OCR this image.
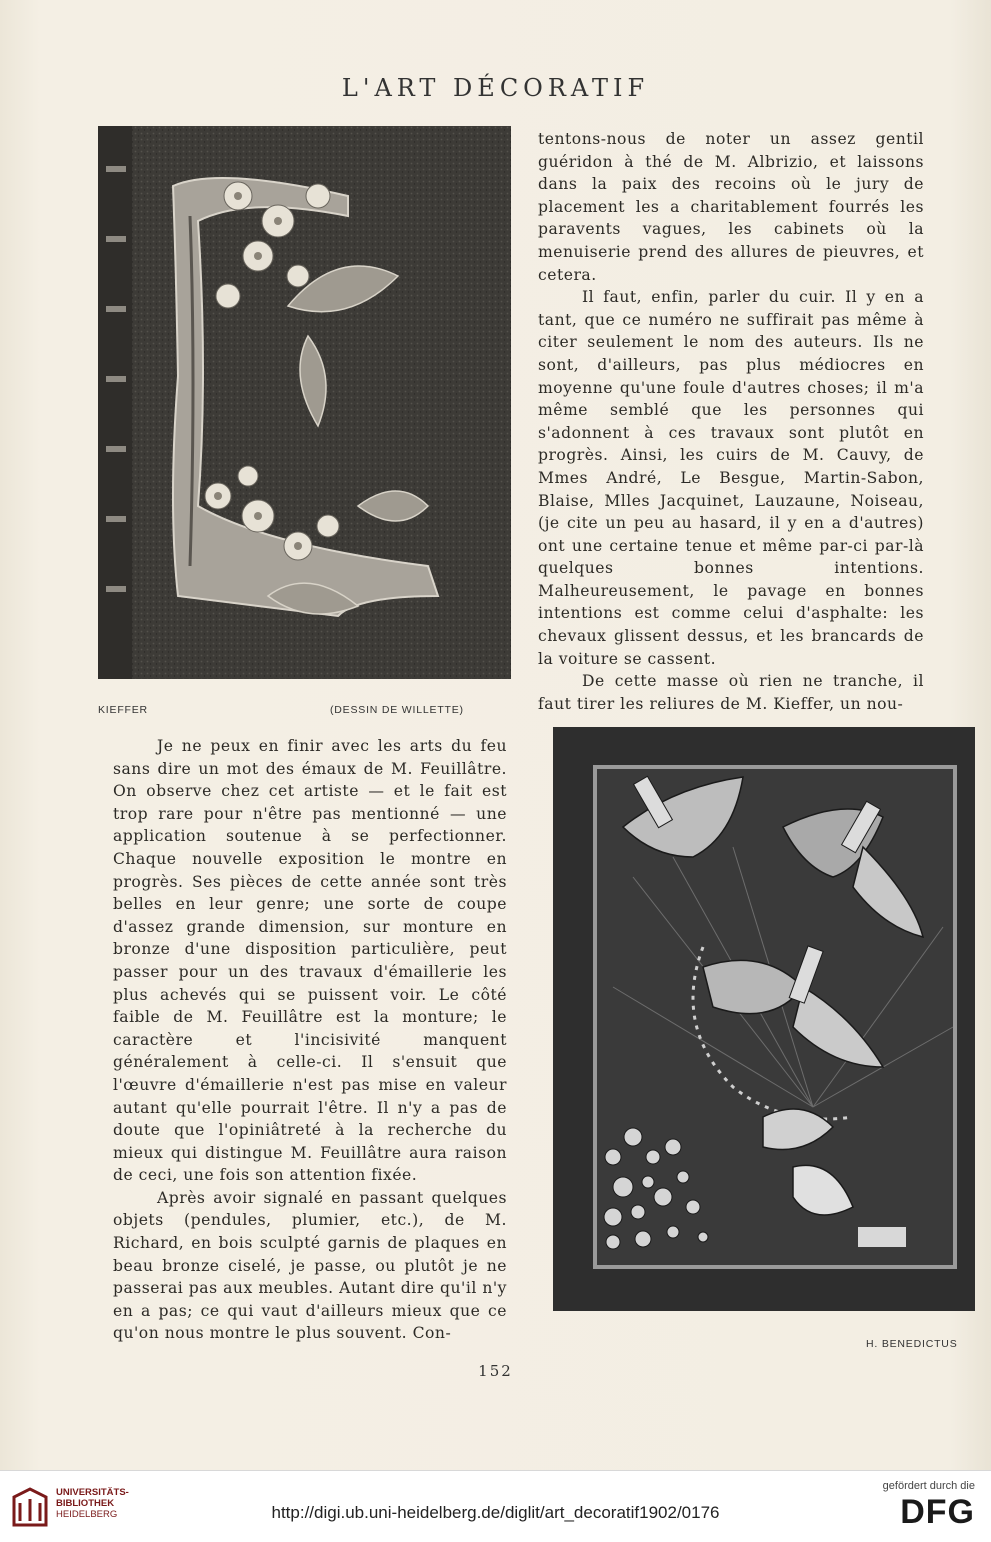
L'ART DÉCORATIF
KIEFFER	(DESSIN DE WILLETTE)

tentons-nous de noter un assez gentil guéridon à thé de M. Albrizio, et laissons dans la paix des recoins où le jury de placement les a charitablement fourrés les paravents vagues, les cabinets où la menuiserie prend des allures de pieuvres, et cetera.

Il faut, enfin, parler du cuir. Il y en a tant, que ce numéro ne suffirait pas même à citer seulement le nom des auteurs. Ils ne sont, d'ailleurs, pas plus médiocres en moyenne qu'une foule d'autres choses; il m'a même semblé que les personnes qui s'adonnent à ces travaux sont plutôt en progrès. Ainsi, les cuirs de M. Cauvy, de Mmes André, Le Besgue, Martin-Sabon, Blaise, Mlles Jacquinet, Lauzaune, Noiseau, (je cite un peu au hasard, il y en a d'autres) ont une certaine tenue et même par-ci par-là quelques bonnes intentions. Malheureusement, le pavage en bonnes intentions est comme celui d'asphalte: les chevaux glissent dessus, et les brancards de la voiture se cassent.

De cette masse où rien ne tranche, il faut tirer les reliures de M. Kieffer, un nou-

Je ne peux en finir avec les arts du feu sans dire un mot des émaux de M. Feuillâtre. On observe chez cet artiste — et le fait est trop rare pour n'être pas mentionné — une application soutenue à se perfectionner. Chaque nouvelle exposition le montre en progrès. Ses pièces de cette année sont très belles en leur genre; une sorte de coupe d'assez grande dimension, sur monture en bronze d'une disposition particulière, peut passer pour un des travaux d'émaillerie les plus achevés qui se puissent voir. Le côté faible de M. Feuillâtre est la monture; le caractère et l'incisivité manquent généralement à celle-ci. Il s'ensuit que l'œuvre d'émaillerie n'est pas mise en valeur autant qu'elle pourrait l'être. Il n'y a pas de doute que l'opiniâtreté à la recherche du mieux qui distingue M. Feuillâtre aura raison de ceci, une fois son attention fixée.

Après avoir signalé en passant quelques objets (pendules, plumier, etc.), de M. Richard, en bois sculpté garnis de plaques en beau bronze ciselé, je passe, ou plutôt je ne passerai pas aux meubles. Autant dire qu'il n'y en a pas; ce qui vaut d'ailleurs mieux que ce qu'on nous montre le plus souvent. Con-

H. BENEDICTUS
152
UNIVERSITÄTS-
BIBLIOTHEK
HEIDELBERG	http://digi.ub.uni-heidelberg.de/diglit/art_decoratif1902/0176
gefördert durch die
DFG
